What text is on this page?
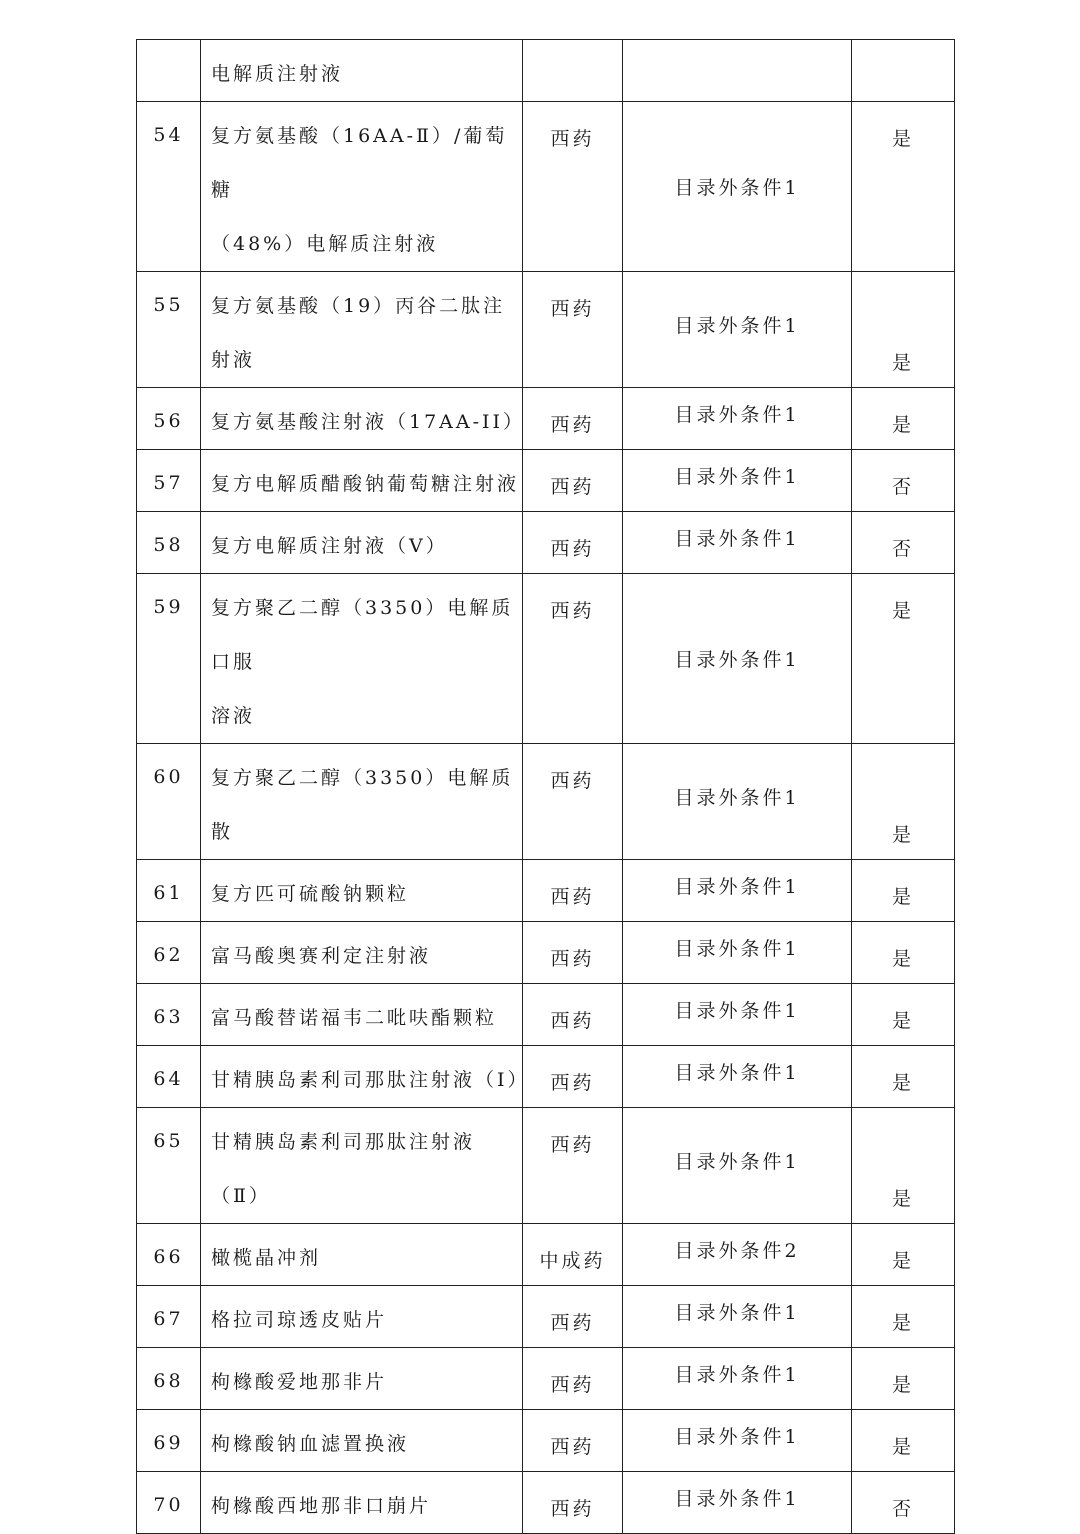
	电解质注射液			

54	复方氨基酸（16AA-Ⅱ）/葡萄糖
（48%）电解质注射液	西药	目录外条件1	是
55	复方氨基酸（19）丙谷二肽注射液	西药	目录外条件1	是
56	复方氨基酸注射液（17AA-II）	西药	目录外条件1	是
57	复方电解质醋酸钠葡萄糖注射液	西药	目录外条件1	否
58	复方电解质注射液（V）	西药	目录外条件1	否
59	复方聚乙二醇（3350）电解质口服
溶液	西药	目录外条件1	是
60	复方聚乙二醇（3350）电解质散	西药	目录外条件1	是
61	复方匹可硫酸钠颗粒	西药	目录外条件1	是
62	富马酸奥赛利定注射液	西药	目录外条件1	是
63	富马酸替诺福韦二吡呋酯颗粒	西药	目录外条件1	是
64	甘精胰岛素利司那肽注射液（Ⅰ）	西药	目录外条件1	是
65	甘精胰岛素利司那肽注射液（Ⅱ）	西药	目录外条件1	是
66	橄榄晶冲剂	中成药	目录外条件2	是
67	格拉司琼透皮贴片	西药	目录外条件1	是
68	枸橼酸爱地那非片	西药	目录外条件1	是
69	枸橼酸钠血滤置换液	西药	目录外条件1	是
70	枸橼酸西地那非口崩片	西药	目录外条件1	否
